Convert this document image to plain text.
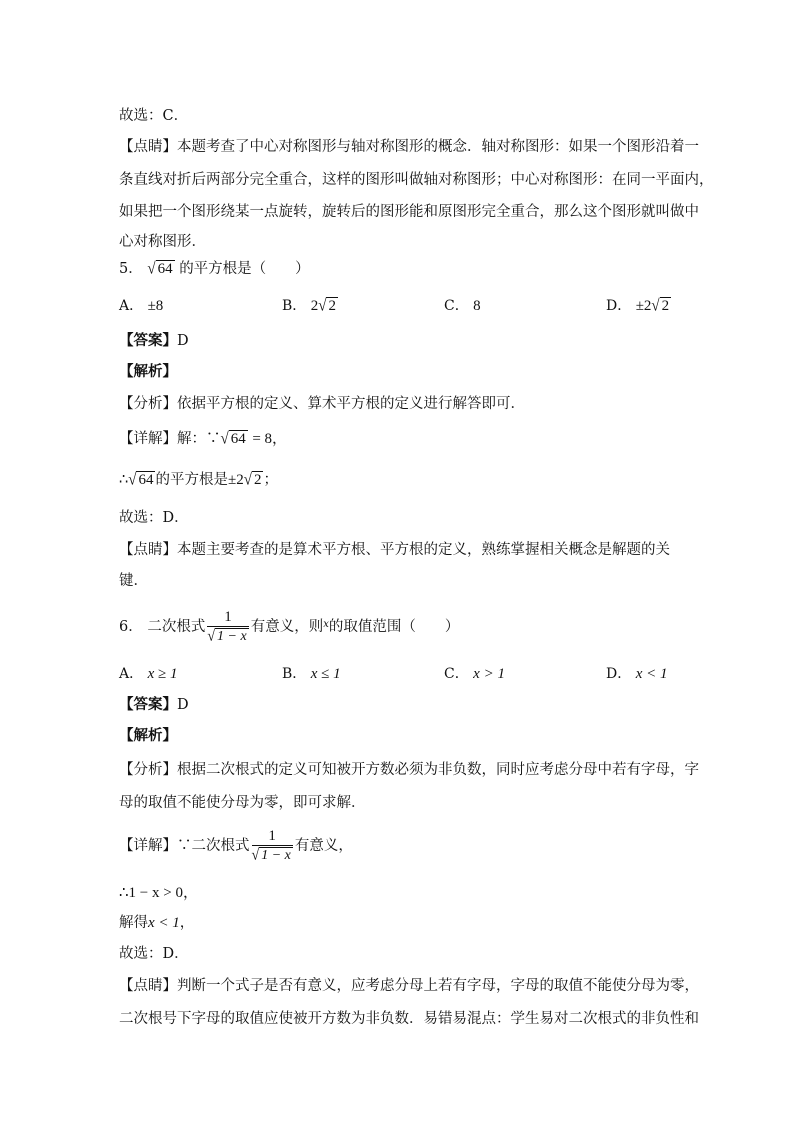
故选：C．
【点睛】本题考查了中心对称图形与轴对称图形的概念．轴对称图形：如果一个图形沿着一
条直线对折后两部分完全重合，这样的图形叫做轴对称图形；中心对称图形：在同一平面内，
如果把一个图形绕某一点旋转，旋转后的图形能和原图形完全重合，那么这个图形就叫做中
心对称图形．
5． √ 64 的平方根是（　　）
A． ±8	B． 2√ 2	C． 8	D． ±2√ 2
【答案】D
【解析】
【分析】依据平方根的定义、算术平方根的定义进行解答即可．
【详解】解：∵√ 64 = 8，
∴√ 64 的平方根是±2√ 2 ；
故选：D．
【点睛】本题主要考查的是算术平方根、平方根的定义，熟练掌握相关概念是解题的关
键．
6． 二次根式 $\frac{1}{√ 1 - x}$ 有意义，则$^x$的取值范围（　　）
A． x ≥ 1	B． x ≤ 1	C． x > 1	D． x < 1
【答案】D
【解析】
【分析】根据二次根式的定义可知被开方数必须为非负数，同时应考虑分母中若有字母，字
母的取值不能使分母为零，即可求解．
【详解】∵二次根式 $\frac{1}{√ 1 - x}$ 有意义，
∴1 − x > 0，
解得x < 1，
故选：D．
【点睛】判断一个式子是否有意义，应考虑分母上若有字母，字母的取值不能使分母为零，
二次根号下字母的取值应使被开方数为非负数．易错易混点：学生易对二次根式的非负性和
